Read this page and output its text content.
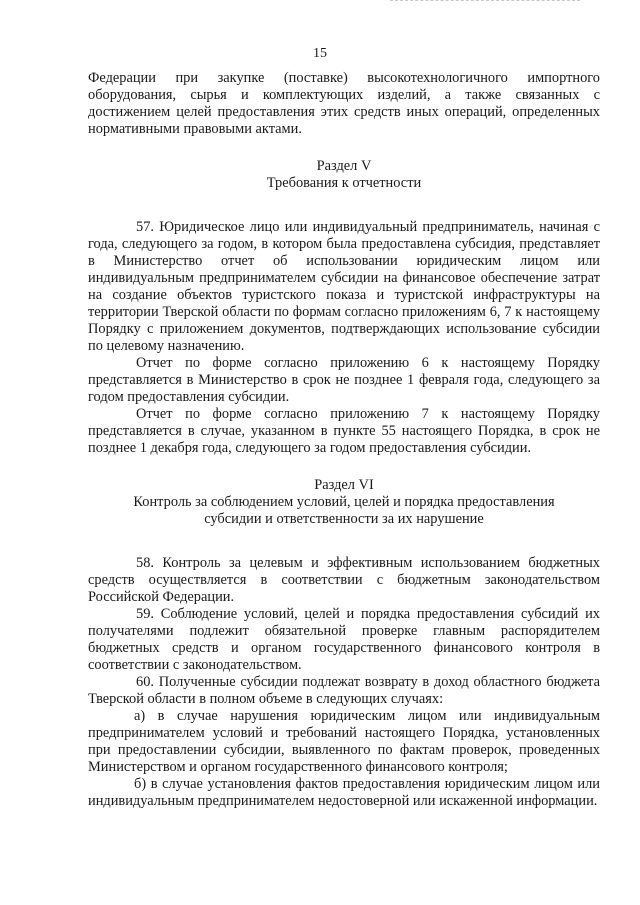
15

Федерации при закупке (поставке) высокотехнологичного импортного оборудования, сырья и комплектующих изделий, а также связанных с достижением целей предоставления этих средств иных операций, определенных нормативными правовыми актами.

Раздел V

Требования к отчетности

57. Юридическое лицо или индивидуальный предприниматель, начиная с года, следующего за годом, в котором была предоставлена субсидия, представляет в Министерство отчет об использовании юридическим лицом или индивидуальным предпринимателем субсидии на финансовое обеспечение затрат на создание объектов туристского показа и туристской инфраструктуры на территории Тверской области по формам согласно приложениям 6, 7 к настоящему Порядку с приложением документов, подтверждающих использование субсидии по целевому назначению.

Отчет по форме согласно приложению 6 к настоящему Порядку представляется в Министерство в срок не позднее 1 февраля года, следующего за годом предоставления субсидии.

Отчет по форме согласно приложению 7 к настоящему Порядку представляется в случае, указанном в пункте 55 настоящего Порядка, в срок не позднее 1 декабря года, следующего за годом предоставления субсидии.

Раздел VI

Контроль за соблюдением условий, целей и порядка предоставления

субсидии и ответственности за их нарушение

58. Контроль за целевым и эффективным использованием бюджетных средств осуществляется в соответствии с бюджетным законодательством Российской Федерации.

59. Соблюдение условий, целей и порядка предоставления субсидий их получателями подлежит обязательной проверке главным распорядителем бюджетных средств и органом государственного финансового контроля в соответствии с законодательством.

60. Полученные субсидии подлежат возврату в доход областного бюджета Тверской области в полном объеме в следующих случаях:

а) в случае нарушения юридическим лицом или индивидуальным предпринимателем условий и требований настоящего Порядка, установленных при предоставлении субсидии, выявленного по фактам проверок, проведенных Министерством и органом государственного финансового контроля;

б) в случае установления фактов предоставления юридическим лицом или индивидуальным предпринимателем недостоверной или искаженной информации.
